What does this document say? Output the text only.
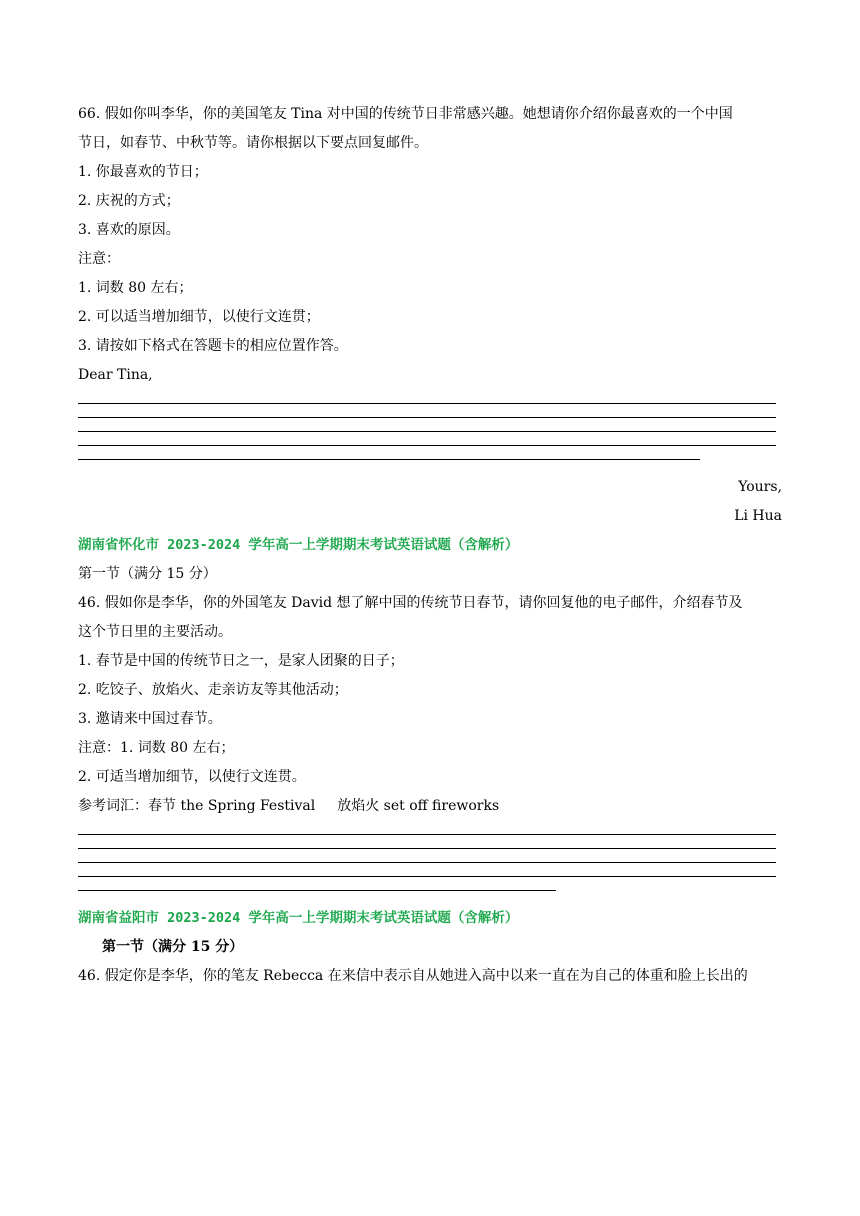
66. 假如你叫李华，你的美国笔友 Tina 对中国的传统节日非常感兴趣。她想请你介绍你最喜欢的一个中国
节日，如春节、中秋节等。请你根据以下要点回复邮件。
1. 你最喜欢的节日；
2. 庆祝的方式；
3. 喜欢的原因。
注意：
1. 词数 80 左右；
2. 可以适当增加细节，以使行文连贯；
3. 请按如下格式在答题卡的相应位置作答。
Dear Tina,
Yours,
Li Hua
湖南省怀化市 2023-2024 学年高一上学期期末考试英语试题（含解析）
第一节（满分 15 分）
46. 假如你是李华，你的外国笔友 David 想了解中国的传统节日春节，请你回复他的电子邮件，介绍春节及
这个节日里的主要活动。
1. 春节是中国的传统节日之一，是家人团聚的日子；
2. 吃饺子、放焰火、走亲访友等其他活动；
3. 邀请来中国过春节。
注意：1. 词数 80 左右；
2. 可适当增加细节，以使行文连贯。
参考词汇：春节 the Spring Festival 放焰火 set off fireworks
湖南省益阳市 2023-2024 学年高一上学期期末考试英语试题（含解析）
第一节（满分 15 分）
46. 假定你是李华，你的笔友 Rebecca 在来信中表示自从她进入高中以来一直在为自己的体重和脸上长出的
